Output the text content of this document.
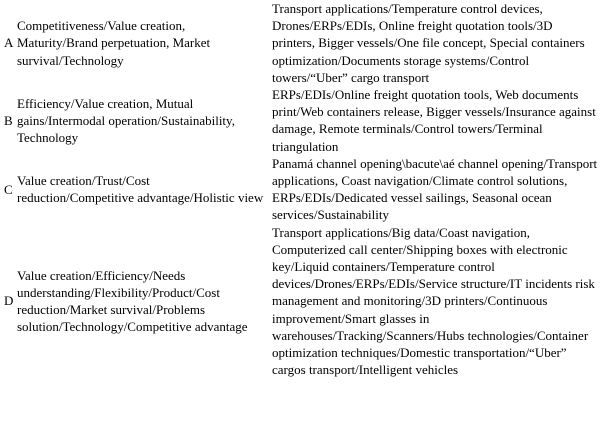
A	Competitiveness/Value creation, Maturity/Brand perpetuation, Market survival/Technology	Transport applications/Temperature control devices, Drones/ERPs/EDIs, Online freight quotation tools/3D printers, Bigger vessels/One file concept, Special containers optimization/Documents storage systems/Control towers/“Uber” cargo transport
B	Efficiency/Value creation, Mutual gains/Intermodal operation/Sustainability, Technology	ERPs/EDIs/Online freight quotation tools, Web documents print/Web containers release, Bigger vessels/Insurance against damage, Remote terminals/Control towers/Terminal triangulation
C	Value creation/Trust/Cost reduction/Competitive advantage/Holistic view	Panamá channel opening\bacute\aé channel opening/Transport applications, Coast navigation/Climate control solutions, ERPs/EDIs/Dedicated vessel sailings, Seasonal ocean services/Sustainability
D	Value creation/Efficiency/Needs understanding/Flexibility/Product/Cost reduction/Market survival/Problems solution/Technology/Competitive advantage	Transport applications/Big data/Coast navigation, Computerized call center/Shipping boxes with electronic key/Liquid containers/Temperature control devices/Drones/ERPs/EDIs/Service structure/IT incidents risk management and monitoring/3D printers/Continuous improvement/Smart glasses in warehouses/Tracking/Scanners/Hubs technologies/Container optimization techniques/Domestic transportation/“Uber” cargos transport/Intelligent vehicles
